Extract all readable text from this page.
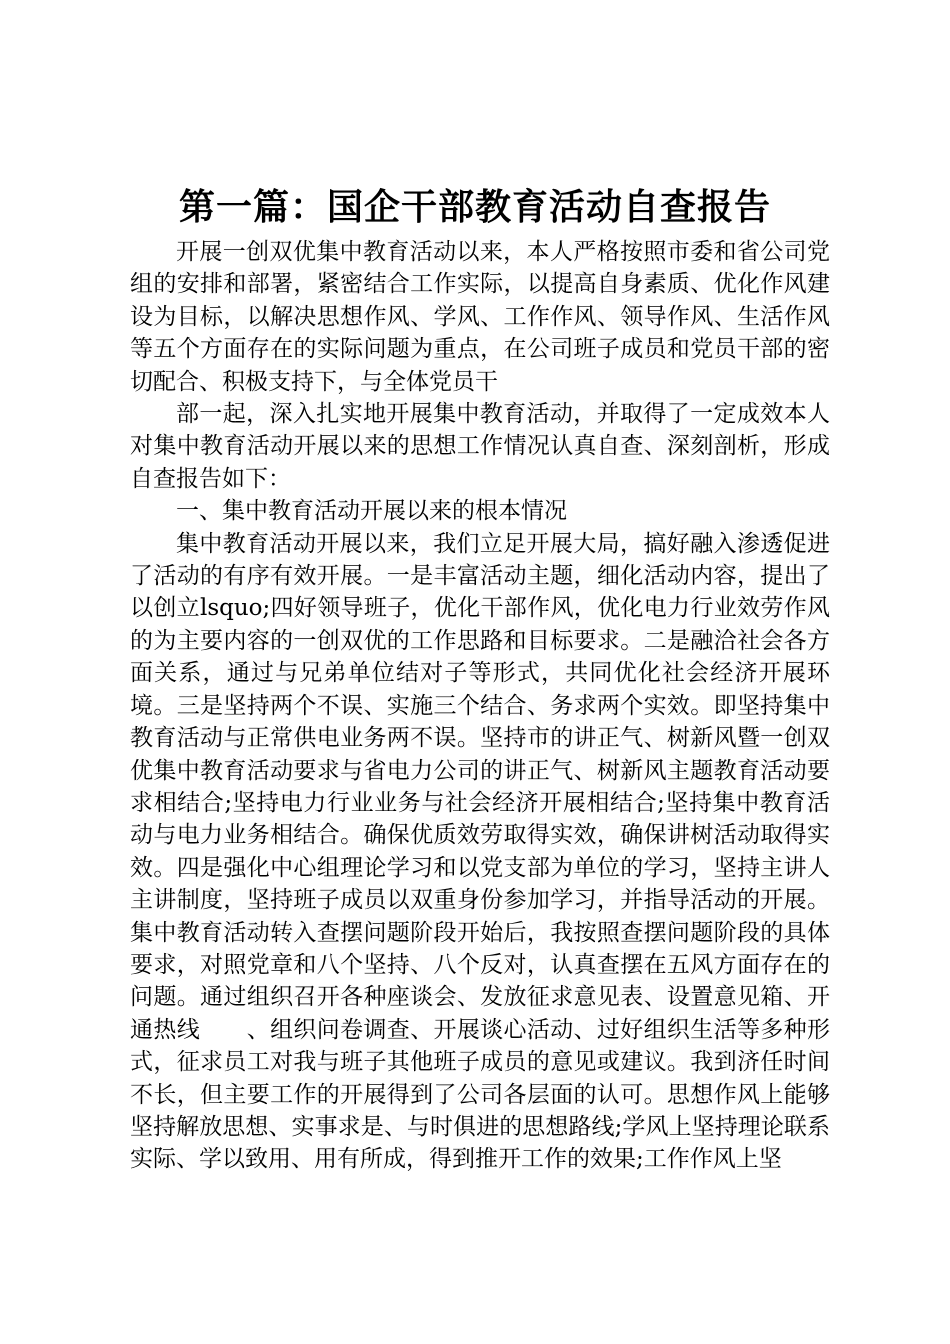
第一篇：国企干部教育活动自查报告

开展一创双优集中教育活动以来，本人严格按照市委和省公司党组的安排和部署，紧密结合工作实际，以提高自身素质、优化作风建设为目标，以解决思想作风、学风、工作作风、领导作风、生活作风等五个方面存在的实际问题为重点，在公司班子成员和党员干部的密切配合、积极支持下，与全体党员干

部一起，深入扎实地开展集中教育活动，并取得了一定成效本人对集中教育活动开展以来的思想工作情况认真自查、深刻剖析，形成自查报告如下：

一、集中教育活动开展以来的根本情况

集中教育活动开展以来，我们立足开展大局，搞好融入渗透促进了活动的有序有效开展。一是丰富活动主题，细化活动内容，提出了以创立lsquo;四好领导班子，优化干部作风，优化电力行业效劳作风的为主要内容的一创双优的工作思路和目标要求。二是融洽社会各方面关系，通过与兄弟单位结对子等形式，共同优化社会经济开展环境。三是坚持两个不误、实施三个结合、务求两个实效。即坚持集中教育活动与正常供电业务两不误。坚持市的讲正气、树新风暨一创双优集中教育活动要求与省电力公司的讲正气、树新风主题教育活动要求相结合;坚持电力行业业务与社会经济开展相结合;坚持集中教育活动与电力业务相结合。确保优质效劳取得实效，确保讲树活动取得实效。四是强化中心组理论学习和以党支部为单位的学习，坚持主讲人主讲制度，坚持班子成员以双重身份参加学习，并指导活动的开展。集中教育活动转入查摆问题阶段开始后，我按照查摆问题阶段的具体要求，对照党章和八个坚持、八个反对，认真查摆在五风方面存在的问题。通过组织召开各种座谈会、发放征求意见表、设置意见箱、开通热线　　、组织问卷调查、开展谈心活动、过好组织生活等多种形式，征求员工对我与班子其他班子成员的意见或建议。我到济任时间不长，但主要工作的开展得到了公司各层面的认可。思想作风上能够坚持解放思想、实事求是、与时俱进的思想路线;学风上坚持理论联系实际、学以致用、用有所成，得到推开工作的效果;工作作风上坚
